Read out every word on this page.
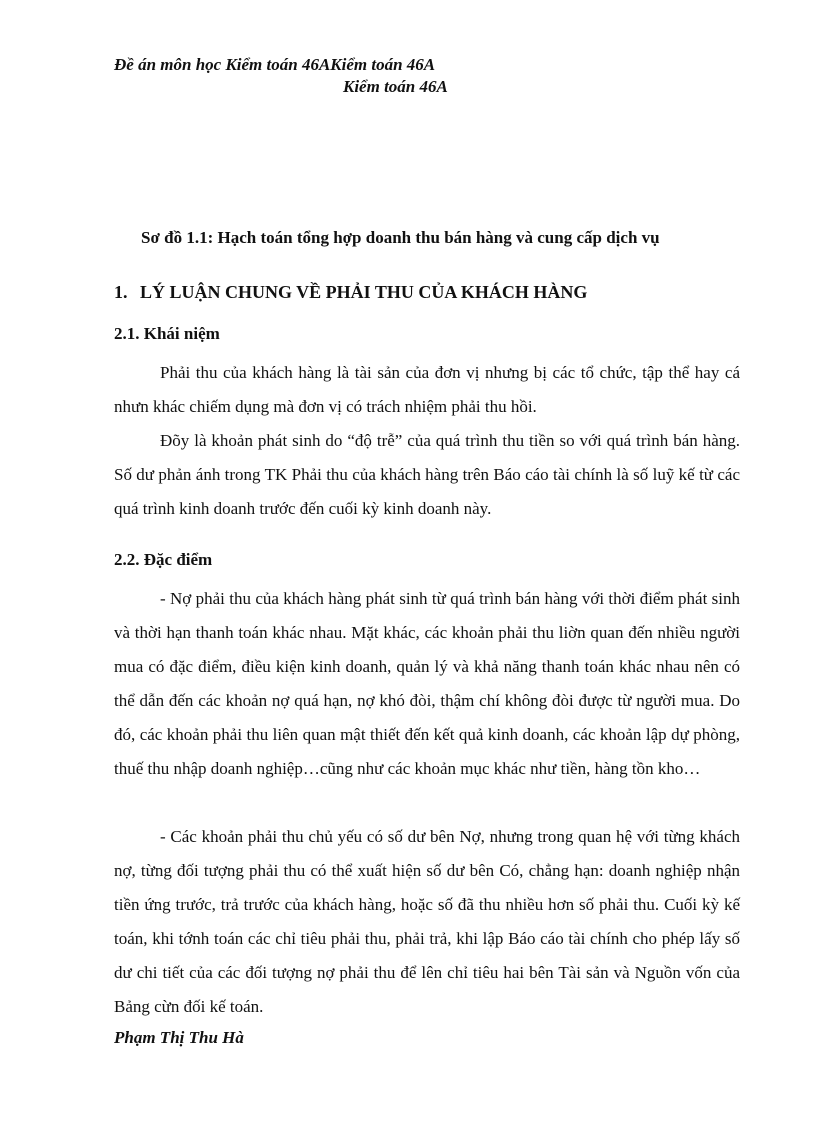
Đề án môn học Kiểm toán 46AKiểm toán 46A
Kiểm toán 46A
Sơ đồ 1.1: Hạch toán tổng hợp doanh thu bán hàng và cung cấp dịch vụ
1. LÝ LUẬN CHUNG VỀ PHẢI THU CỦA KHÁCH HÀNG
2.1. Khái niệm

Phải thu của khách hàng là tài sản của đơn vị nhưng bị các tổ chức, tập thể hay cá nhưn khác chiếm dụng mà đơn vị có trách nhiệm phải thu hồi.

Đõy là khoản phát sinh do “độ trễ” của quá trình thu tiền so với quá trình bán hàng. Số dư phản ánh trong TK Phải thu của khách hàng trên Báo cáo tài chính là số luỹ kế từ các quá trình kinh doanh trước đến cuối kỳ kinh doanh này.

2.2. Đặc điểm

- Nợ phải thu của khách hàng phát sinh từ quá trình bán hàng với thời điểm phát sinh và thời hạn thanh toán khác nhau. Mặt khác, các khoản phải thu liờn quan đến nhiều người mua có đặc điểm, điều kiện kinh doanh, quản lý và khả năng thanh toán khác nhau nên có thể dẫn đến các khoản nợ quá hạn, nợ khó đòi, thậm chí không đòi được từ người mua. Do đó, các khoản phải thu liên quan mật thiết đến kết quả kinh doanh, các khoản lập dự phòng, thuế thu nhập doanh nghiệp…cũng như các khoản mục khác như tiền, hàng tồn kho…

- Các khoản phải thu chủ yếu có số dư bên Nợ, nhưng trong quan hệ với từng khách nợ, từng đối tượng phải thu có thể xuất hiện số dư bên Có, chẳng hạn: doanh nghiệp nhận tiền ứng trước, trả trước của khách hàng, hoặc số đã thu nhiều hơn số phải thu. Cuối kỳ kế toán, khi tớnh toán các chỉ tiêu phải thu, phải trả, khi lập Báo cáo tài chính cho phép lấy số dư chi tiết của các đối tượng nợ phải thu để lên chỉ tiêu hai bên Tài sản và Nguồn vốn của Bảng cừn đối kế toán.

Phạm Thị Thu Hà
